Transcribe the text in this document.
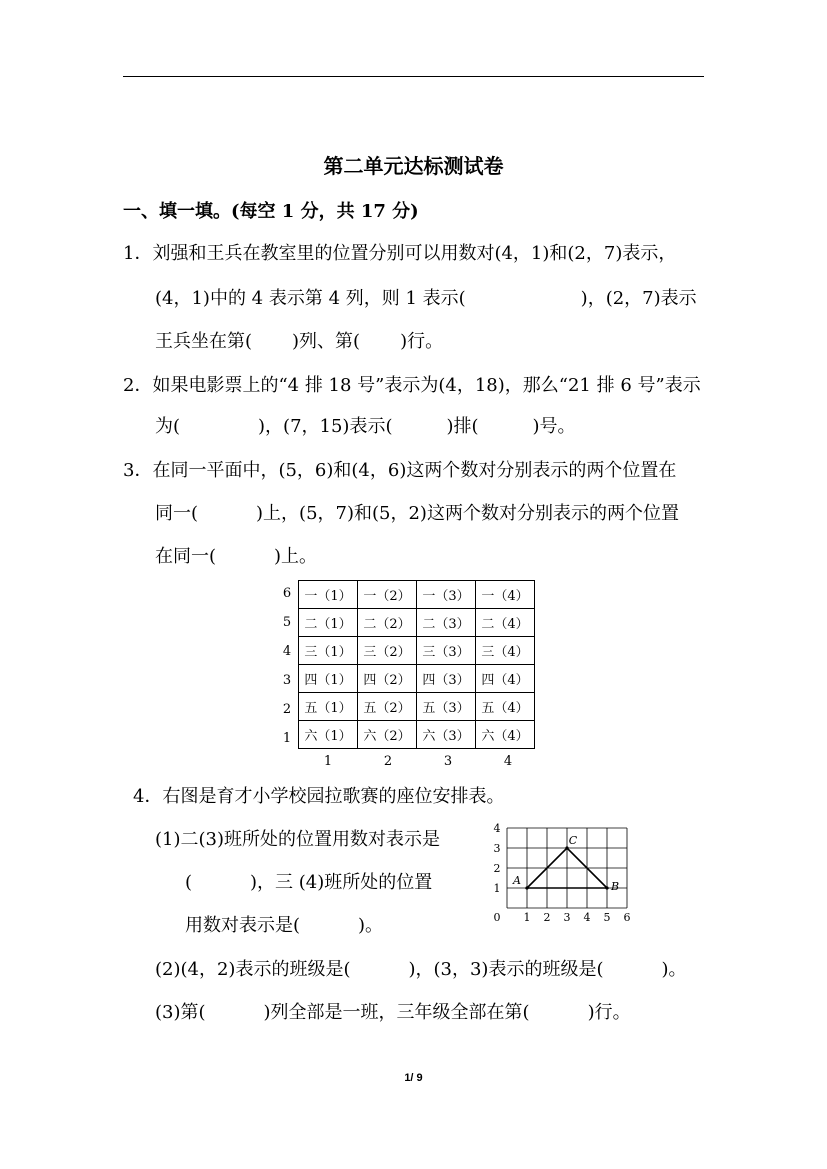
第二单元达标测试卷
一、填一填。(每空 1 分，共 17 分)
1．刘强和王兵在教室里的位置分别可以用数对(4，1)和(2，7)表示，
(4，1)中的 4 表示第 4 列，则 1 表示(	)，(2，7)表示
王兵坐在第( )列、第( )行。
2．如果电影票上的“4 排 18 号”表示为(4，18)，那么“21 排 6 号”表示
为(	)，(7，15)表示(	)排(	)号。
3．在同一平面中，(5，6)和(4，6)这两个数对分别表示的两个位置在
同一(	)上，(5，7)和(5，2)这两个数对分别表示的两个位置
在同一(	)上。
6
5
4
3
2
1
一（1）	一（2）	一（3）	一（4）
二（1）	二（2）	二（3）	二（4）
三（1）	三（2）	三（3）	三（4）
四（1）	四（2）	四（3）	四（4）
五（1）	五（2）	五（3）	五（4）
六（1）	六（2）	六（3）	六（4）
1	2	3	4
4．右图是育才小学校园拉歌赛的座位安排表。
(1)二(3)班所处的位置用数对表示是
(	)，三 (4)班所处的位置
用数对表示是(	)。
(2)(4，2)表示的班级是(	)，(3，3)表示的班级是(	)。
(3)第(	)列全部是一班，三年级全部在第(	)行。
0 1 2 3 4 5 6
1
2
3
4
A
C
B
1/ 9
